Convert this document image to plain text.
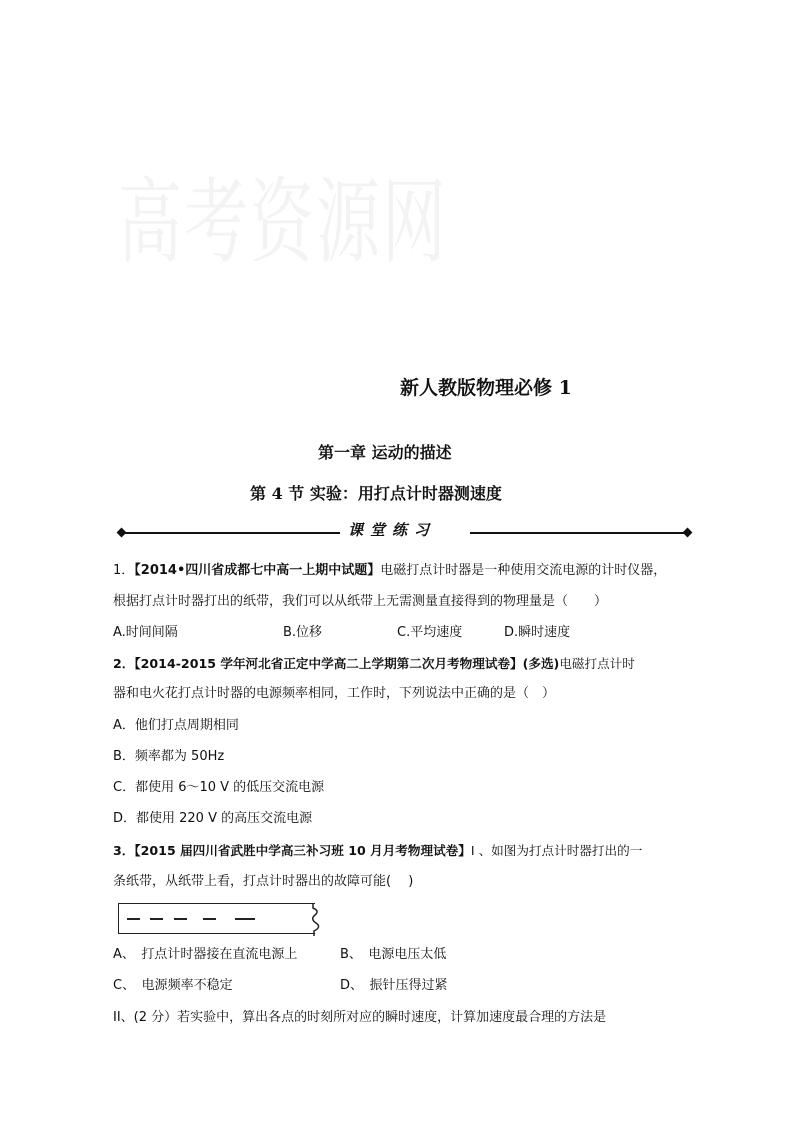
高考资源网
新人教版物理必修 1
第一章 运动的描述
第 4 节 实验：用打点计时器测速度
课堂练习
1．【2014•四川省成都七中高一上期中试题】电磁打点计时器是一种使用交流电源的计时仪器，
根据打点计时器打出的纸带，我们可以从纸带上无需测量直接得到的物理量是（　　）
A.时间间隔	B.位移	C.平均速度	D.瞬时速度
2．【2014-2015 学年河北省正定中学高二上学期第二次月考物理试卷】(多选)电磁打点计时
器和电火花打点计时器的电源频率相同，工作时，下列说法中正确的是（　）
A．他们打点周期相同
B．频率都为 50Hz
C．都使用 6～10 V 的低压交流电源
D．都使用 220 V 的高压交流电源
3．【2015 届四川省武胜中学高三补习班 10 月月考物理试卷】I 、如图为打点计时器打出的一
条纸带，从纸带上看，打点计时器出的故障可能(　 )
A、　打点计时器接在直流电源上	B、　电源电压太低
C、　电源频率不稳定	D、　振针压得过紧
II、(2 分）若实验中，算出各点的时刻所对应的瞬时速度，计算加速度最合理的方法是
